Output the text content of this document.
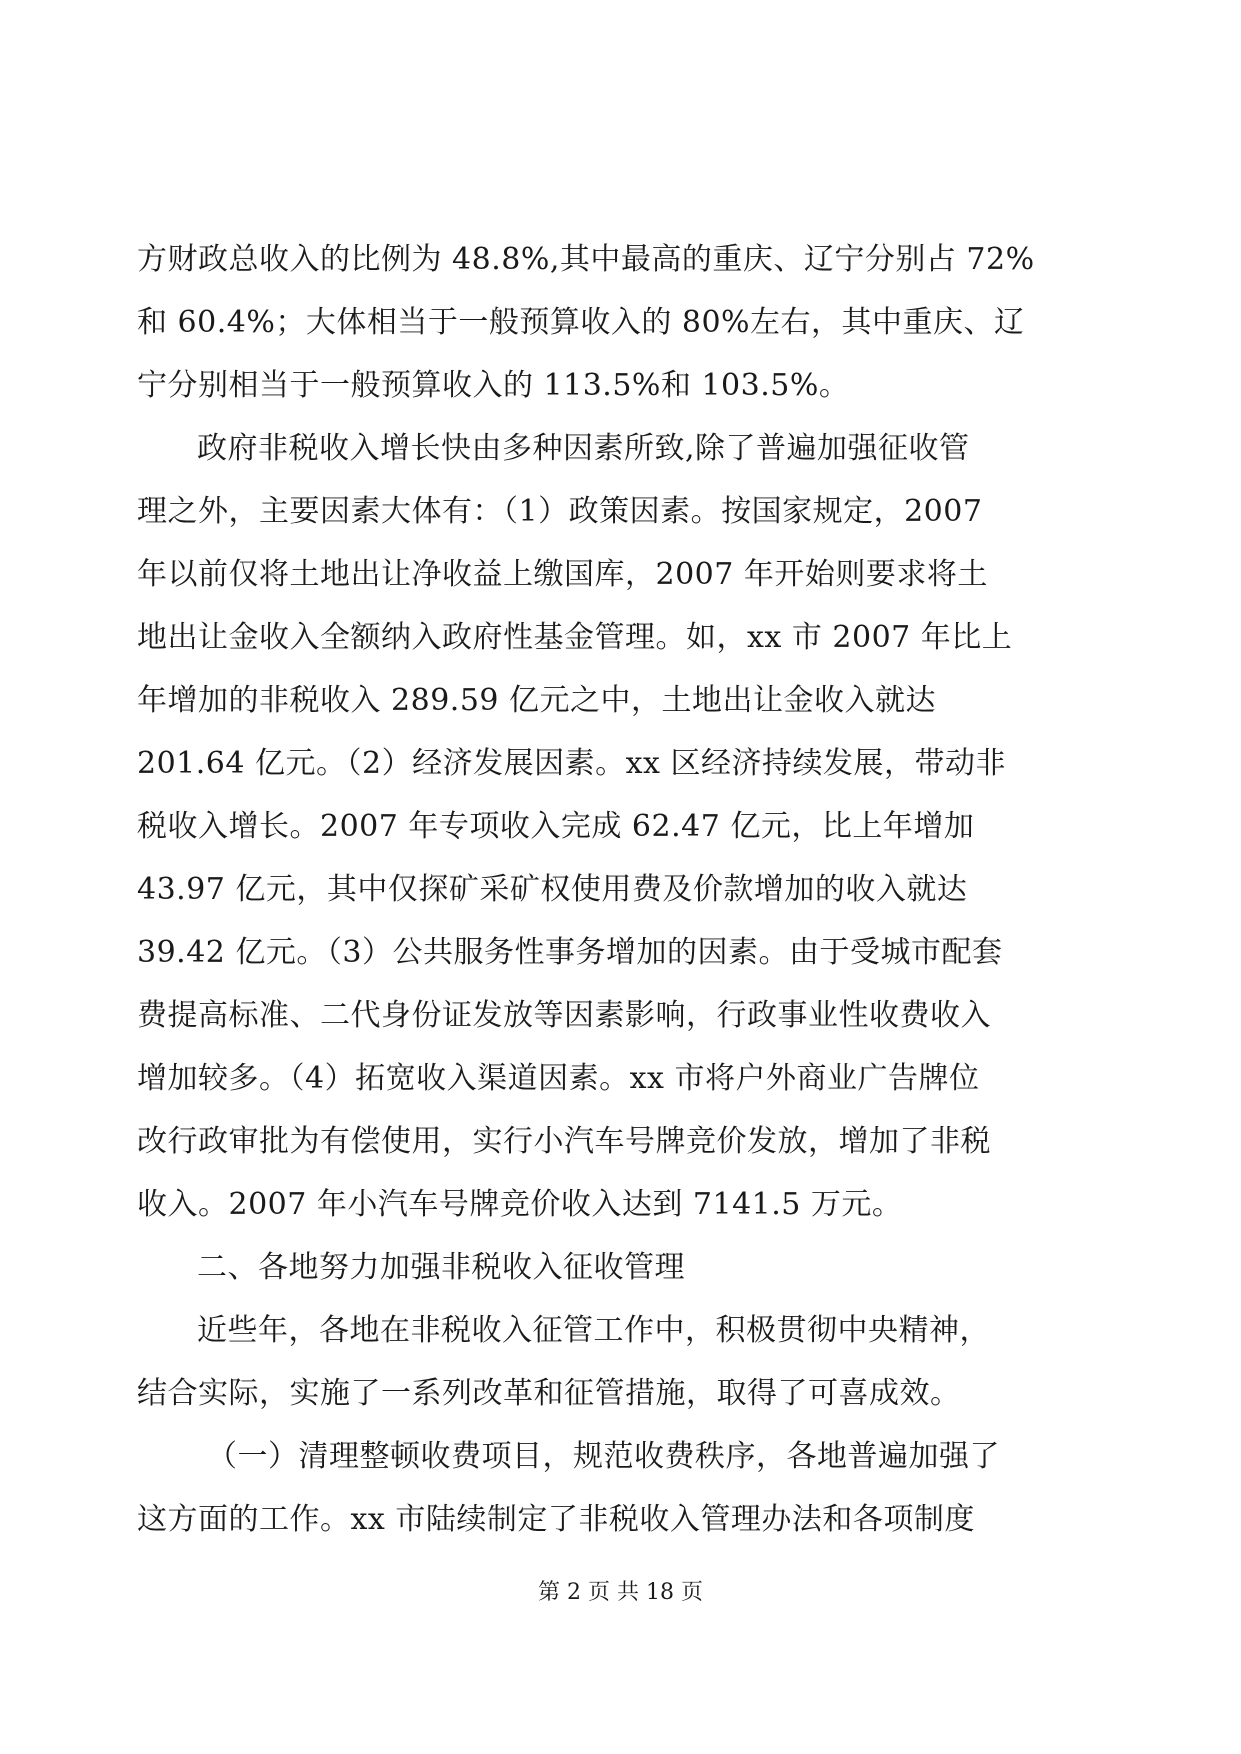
方财政总收入的比例为 48.8%,其中最高的重庆、辽宁分别占 72%
和 60.4%；大体相当于一般预算收入的 80%左右，其中重庆、辽
宁分别相当于一般预算收入的 113.5%和 103.5%。
政府非税收入增长快由多种因素所致,除了普遍加强征收管
理之外，主要因素大体有：（1）政策因素。按国家规定，2007
年以前仅将土地出让净收益上缴国库，2007 年开始则要求将土
地出让金收入全额纳入政府性基金管理。如，xx 市 2007 年比上
年增加的非税收入 289.59 亿元之中，土地出让金收入就达
201.64 亿元。（2）经济发展因素。xx 区经济持续发展，带动非
税收入增长。2007 年专项收入完成 62.47 亿元，比上年增加
43.97 亿元，其中仅探矿采矿权使用费及价款增加的收入就达
39.42 亿元。（3）公共服务性事务增加的因素。由于受城市配套
费提高标准、二代身份证发放等因素影响，行政事业性收费收入
增加较多。（4）拓宽收入渠道因素。xx 市将户外商业广告牌位
改行政审批为有偿使用，实行小汽车号牌竞价发放，增加了非税
收入。2007 年小汽车号牌竞价收入达到 7141.5 万元。
二、各地努力加强非税收入征收管理
近些年，各地在非税收入征管工作中，积极贯彻中央精神，
结合实际，实施了一系列改革和征管措施，取得了可喜成效。
（一）清理整顿收费项目，规范收费秩序，各地普遍加强了
这方面的工作。xx 市陆续制定了非税收入管理办法和各项制度
第 2 页 共 18 页
